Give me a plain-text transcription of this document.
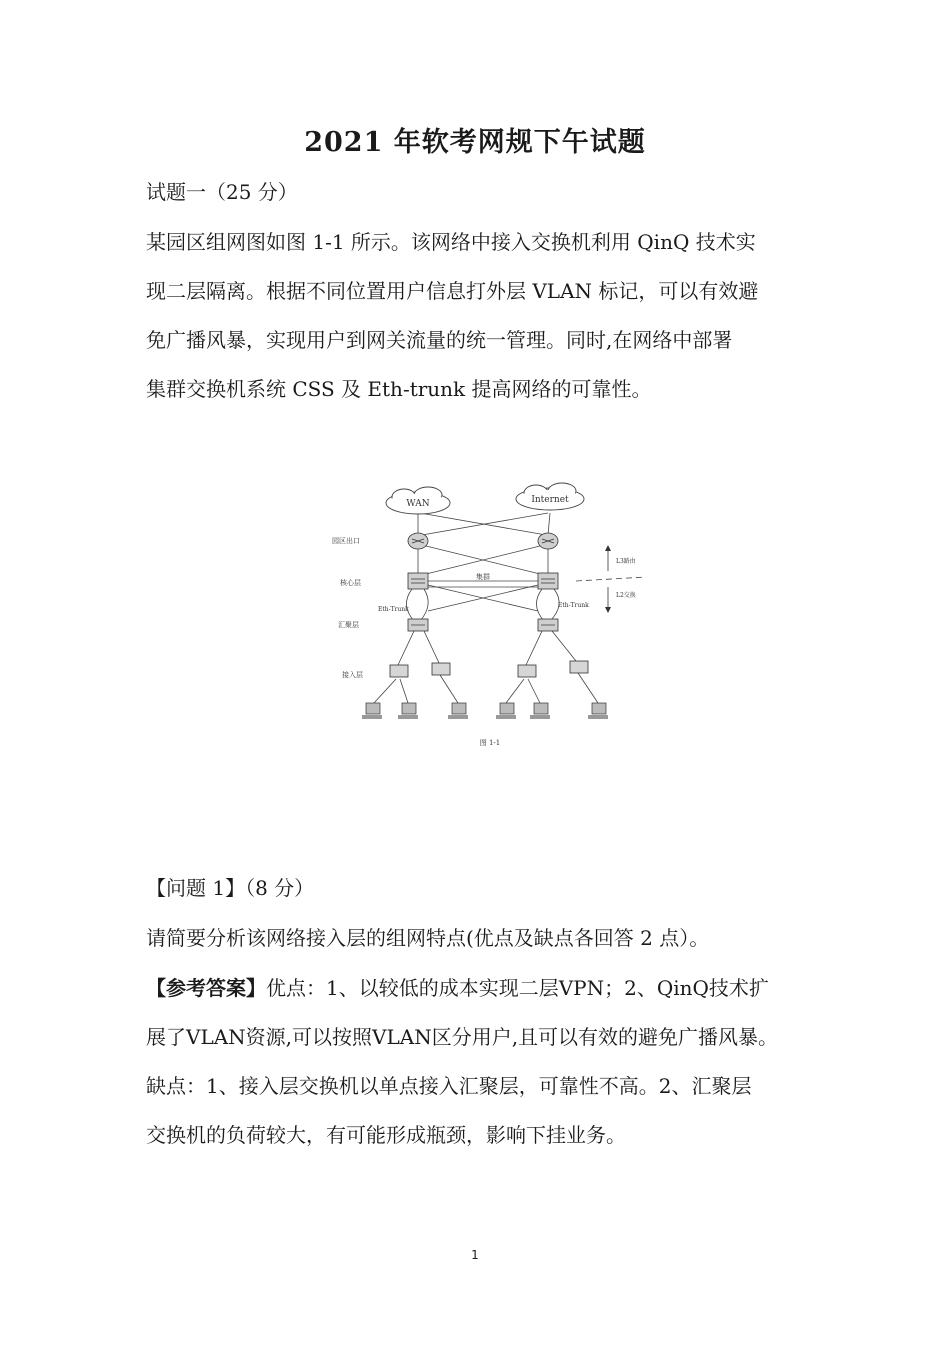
2021 年软考网规下午试题

试题一（25 分）

某园区组网图如图 1-1 所示。该网络中接入交换机利用 QinQ 技术实
现二层隔离。根据不同位置用户信息打外层 VLAN 标记，可以有效避
免广播风暴，实现用户到网关流量的统一管理。同时,在网络中部署
集群交换机系统 CSS 及 Eth-trunk 提高网络的可靠性。

WAN	Internet
园区出口
核心层
汇聚层
接入层
集群
Eth-Trunk
Eth-Trunk
L3路由
L2交换
图 1-1

【问题 1】（8 分）

请简要分析该网络接入层的组网特点(优点及缺点各回答 2 点）。

【参考答案】优点：1、以较低的成本实现二层VPN；2、QinQ技术扩
展了VLAN资源,可以按照VLAN区分用户,且可以有效的避免广播风暴。
缺点：1、接入层交换机以单点接入汇聚层，可靠性不高。2、汇聚层
交换机的负荷较大，有可能形成瓶颈，影响下挂业务。

1
